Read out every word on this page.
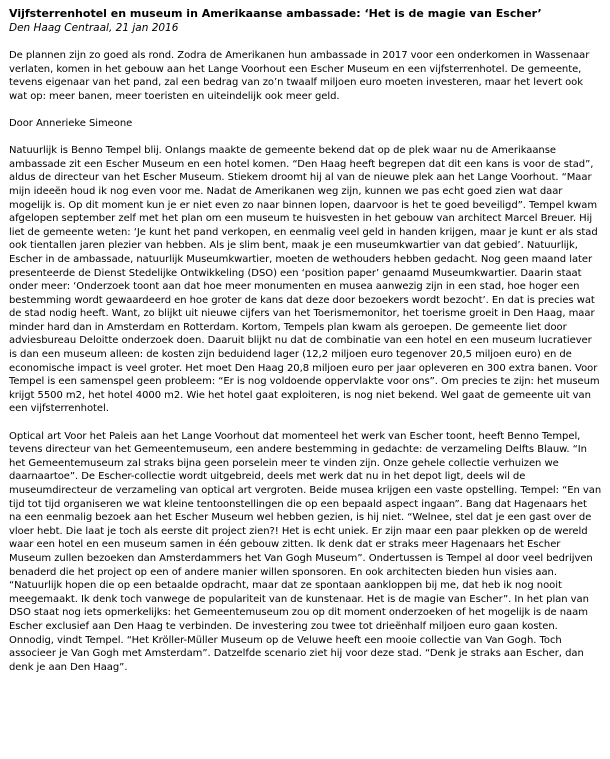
Vijfsterrenhotel en museum in Amerikaanse ambassade: ‘Het is de magie van Escher’
Den Haag Centraal, 21 jan 2016

De plannen zijn zo goed als rond. Zodra de Amerikanen hun ambassade in 2017 voor een onderkomen in Wassenaar verlaten, komen in het gebouw aan het Lange Voorhout een Escher Museum en een vijfsterrenhotel. De gemeente, tevens eigenaar van het pand, zal een bedrag van zo’n twaalf miljoen euro moeten investeren, maar het levert ook wat op: meer banen, meer toeristen en uiteindelijk ook meer geld.

Door Annerieke Simeone

Natuurlijk is Benno Tempel blij. Onlangs maakte de gemeente bekend dat op de plek waar nu de Amerikaanse ambassade zit een Escher Museum en een hotel komen. “Den Haag heeft begrepen dat dit een kans is voor de stad”, aldus de directeur van het Escher Museum. Stiekem droomt hij al van de nieuwe plek aan het Lange Voorhout. “Maar mijn ideeën houd ik nog even voor me. Nadat de Amerikanen weg zijn, kunnen we pas echt goed zien wat daar mogelijk is. Op dit moment kun je er niet even zo naar binnen lopen, daarvoor is het te goed beveiligd”. Tempel kwam afgelopen september zelf met het plan om een museum te huisvesten in het gebouw van architect Marcel Breuer. Hij liet de gemeente weten: ‘Je kunt het pand verkopen, en eenmalig veel geld in handen krijgen, maar je kunt er als stad ook tientallen jaren plezier van hebben. Als je slim bent, maak je een museumkwartier van dat gebied’. Natuurlijk, Escher in de ambassade, natuurlijk Museumkwartier, moeten de wethouders hebben gedacht. Nog geen maand later presenteerde de Dienst Stedelijke Ontwikkeling (DSO) een ‘position paper’ genaamd Museumkwartier. Daarin staat onder meer: ‘Onderzoek toont aan dat hoe meer monumenten en musea aanwezig zijn in een stad, hoe hoger een bestemming wordt gewaardeerd en hoe groter de kans dat deze door bezoekers wordt bezocht’. En dat is precies wat de stad nodig heeft. Want, zo blijkt uit nieuwe cijfers van het Toerismemonitor, het toerisme groeit in Den Haag, maar minder hard dan in Amsterdam en Rotterdam. Kortom, Tempels plan kwam als geroepen. De gemeente liet door adviesbureau Deloitte onderzoek doen. Daaruit blijkt nu dat de combinatie van een hotel en een museum lucratiever is dan een museum alleen: de kosten zijn beduidend lager (12,2 miljoen euro tegenover 20,5 miljoen euro) en de economische impact is veel groter. Het moet Den Haag 20,8 miljoen euro per jaar opleveren en 300 extra banen. Voor Tempel is een samenspel geen probleem: “Er is nog voldoende oppervlakte voor ons”. Om precies te zijn: het museum krijgt 5500 m2, het hotel 4000 m2. Wie het hotel gaat exploiteren, is nog niet bekend. Wel gaat de gemeente uit van een vijfsterrenhotel.

Optical art Voor het Paleis aan het Lange Voorhout dat momenteel het werk van Escher toont, heeft Benno Tempel, tevens directeur van het Gemeentemuseum, een andere bestemming in gedachte: de verzameling Delfts Blauw. “In het Gemeentemuseum zal straks bijna geen porselein meer te vinden zijn. Onze gehele collectie verhuizen we daarnaartoe”. De Escher-collectie wordt uitgebreid, deels met werk dat nu in het depot ligt, deels wil de museumdirecteur de verzameling van optical art vergroten. Beide musea krijgen een vaste opstelling. Tempel: “En van tijd tot tijd organiseren we wat kleine tentoonstellingen die op een bepaald aspect ingaan”. Bang dat Hagenaars het na een eenmalig bezoek aan het Escher Museum wel hebben gezien, is hij niet. “Welnee, stel dat je een gast over de vloer hebt. Die laat je toch als eerste dit project zien?! Het is echt uniek. Er zijn maar een paar plekken op de wereld waar een hotel en een museum samen in één gebouw zitten. Ik denk dat er straks meer Hagenaars het Escher Museum zullen bezoeken dan Amsterdammers het Van Gogh Museum”. Ondertussen is Tempel al door veel bedrijven benaderd die het project op een of andere manier willen sponsoren. En ook architecten bieden hun visies aan. “Natuurlijk hopen die op een betaalde opdracht, maar dat ze spontaan aankloppen bij me, dat heb ik nog nooit meegemaakt. Ik denk toch vanwege de populariteit van de kunstenaar. Het is de magie van Escher”. In het plan van DSO staat nog iets opmerkelijks: het Gemeentemuseum zou op dit moment onderzoeken of het mogelijk is de naam Escher exclusief aan Den Haag te verbinden. De investering zou tweе tot drieënhalf miljoen euro gaan kosten. Onnodig, vindt Tempel. “Het Kröller-Müller Museum op de Veluwe heeft een mooie collectie van Van Gogh. Toch associeer je Van Gogh met Amsterdam”. Datzelfde scenario ziet hij voor deze stad. “Denk je straks aan Escher, dan denk je aan Den Haag”.
